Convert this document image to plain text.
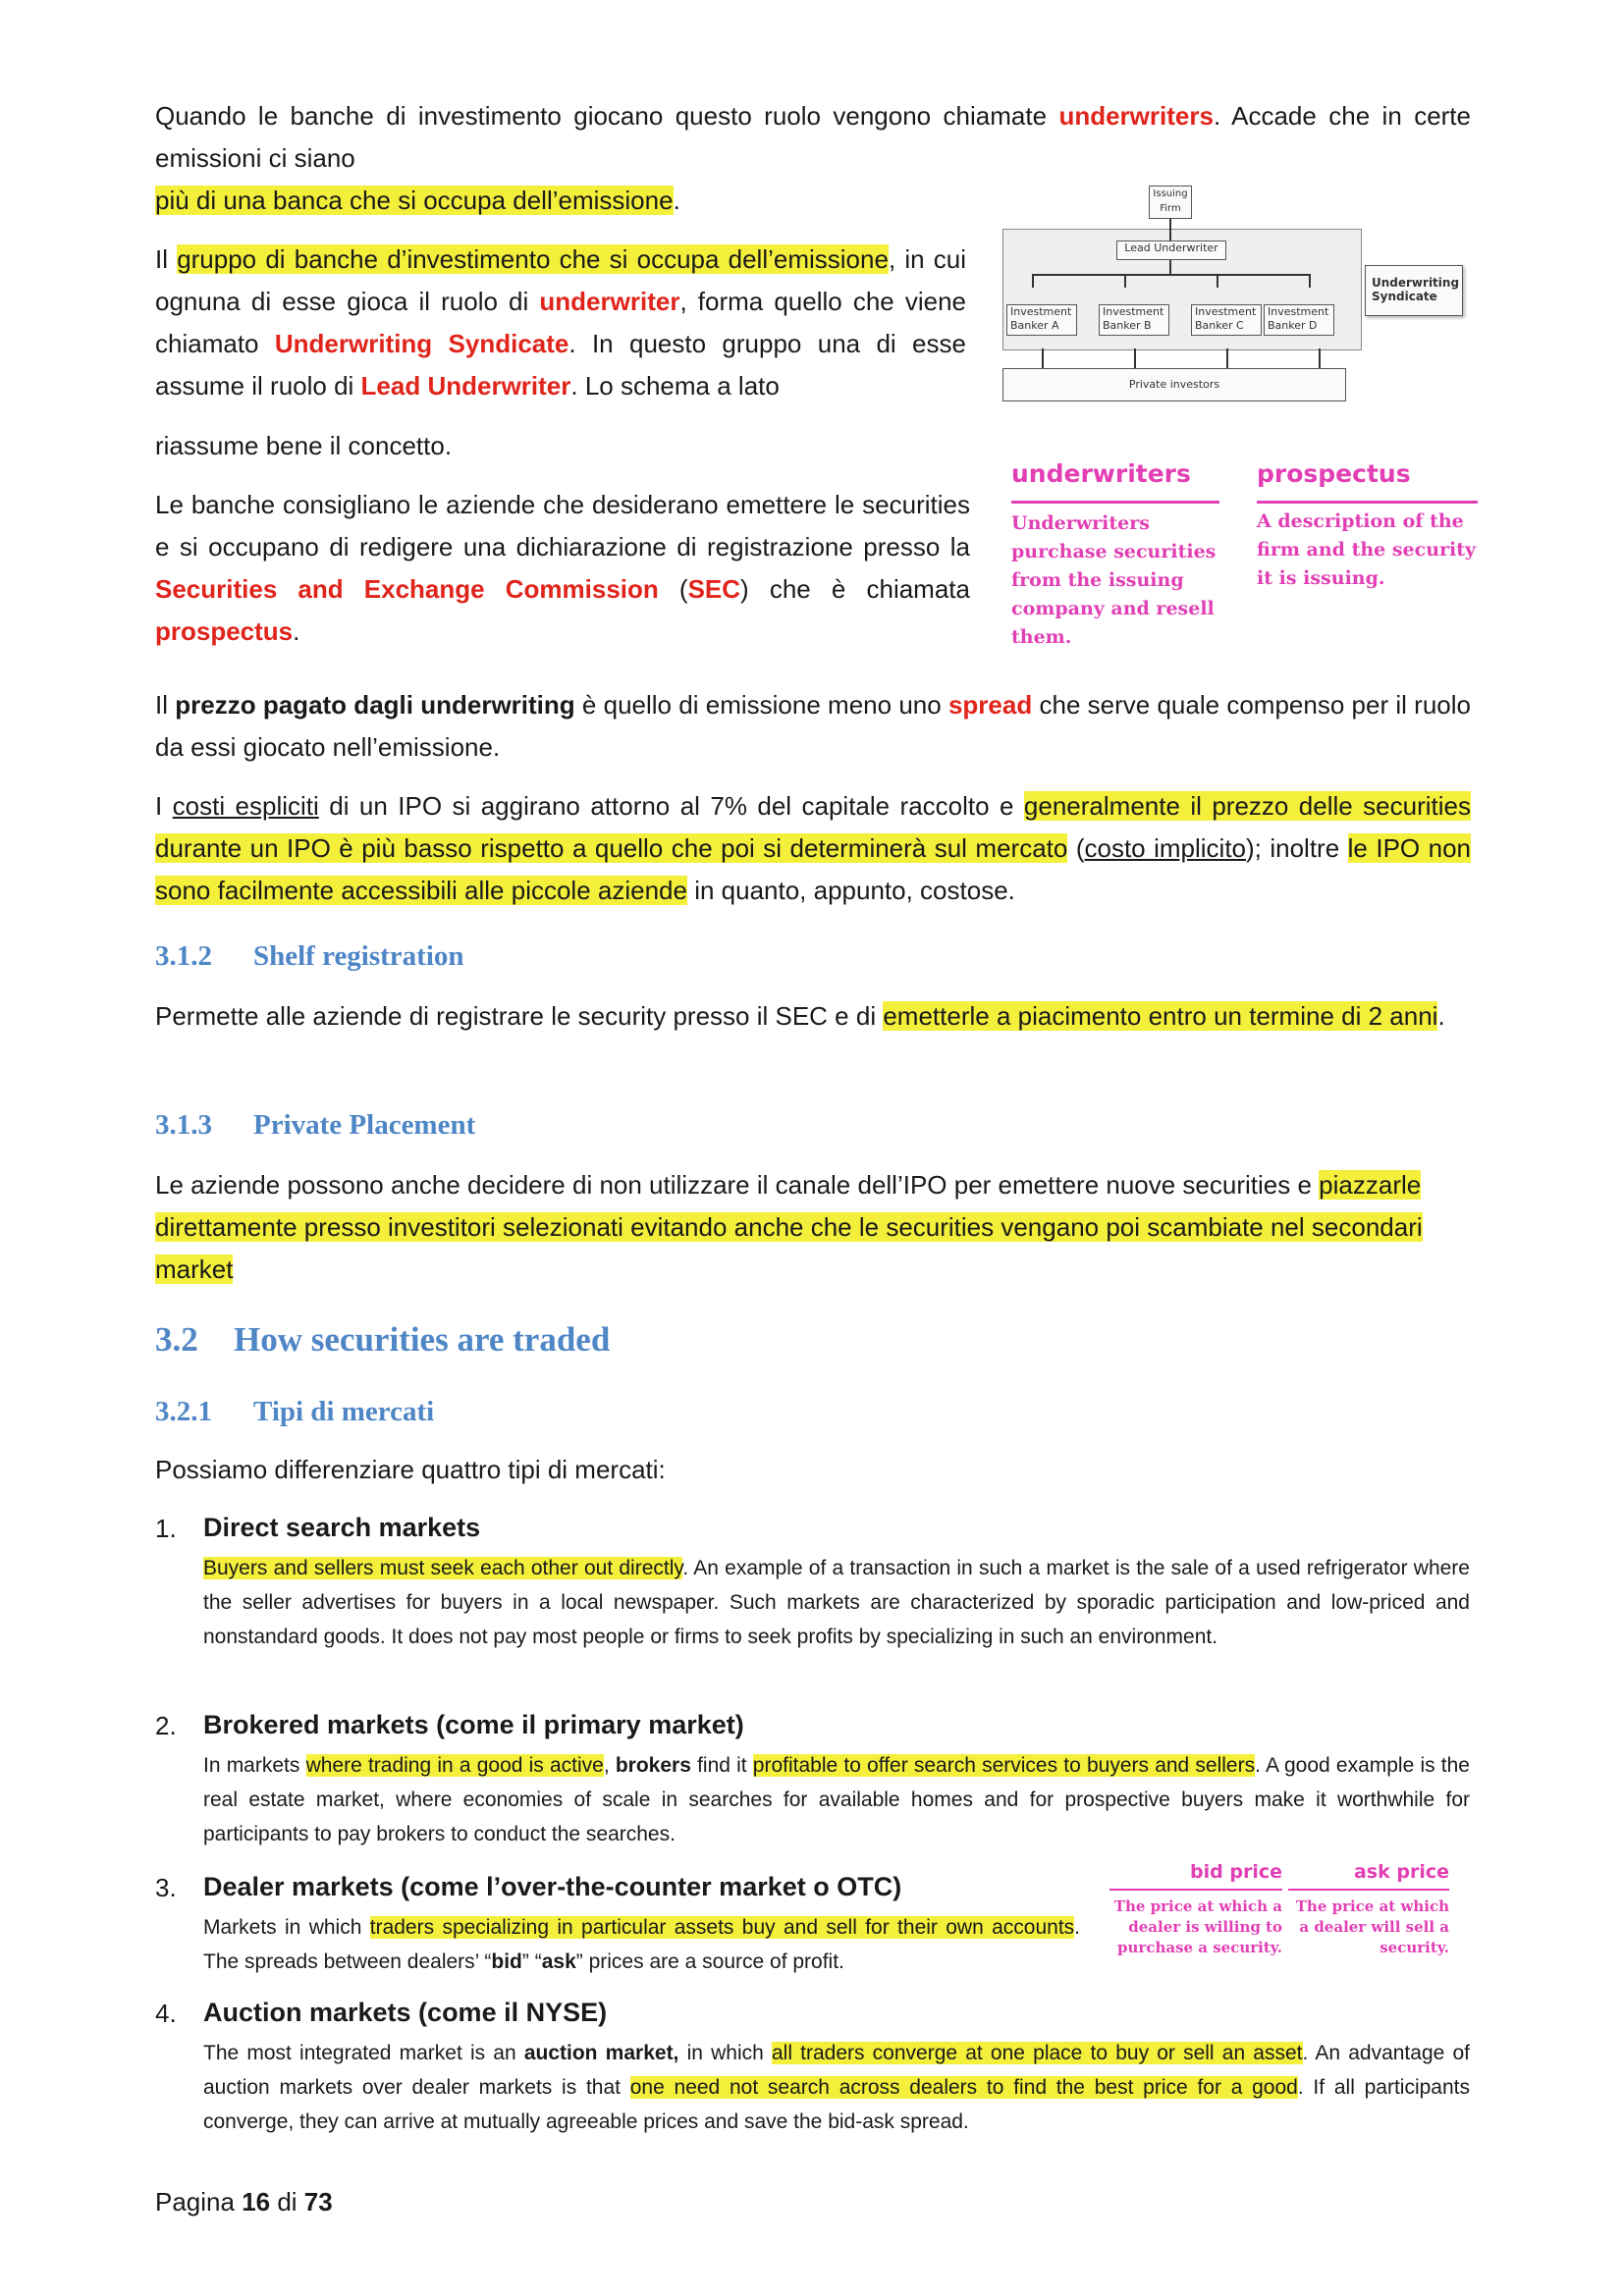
Quando le banche di investimento giocano questo ruolo vengono chiamate underwriters. Accade che in certe emissioni ci siano

più di una banca che si occupa dell’emissione.

Il gruppo di banche d’investimento che si occupa dell’emissione, in cui ognuna di esse gioca il ruolo di underwriter, forma quello che viene chiamato Underwriting Syndicate. In questo gruppo una di esse assume il ruolo di Lead Underwriter. Lo schema a lato

riassume bene il concetto.

Le banche consigliano le aziende che desiderano emettere le securities e si occupano di redigere una dichiarazione di registrazione presso la Securities and Exchange Commission (SEC) che è chiamata prospectus.

Issuing Firm
Lead Underwriter
Investment Banker A
Investment Banker B
Investment Banker C
Investment Banker D
Private investors
Underwriting Syndicate
underwriters

Underwriters purchase securities from the issuing company and resell them.

prospectus

A description of the firm and the security it is issuing.

Il prezzo pagato dagli underwriting è quello di emissione meno uno spread che serve quale compenso per il ruolo da essi giocato nell’emissione.

I costi espliciti di un IPO si aggirano attorno al 7% del capitale raccolto e generalmente il prezzo delle securities durante un IPO è più basso rispetto a quello che poi si determinerà sul mercato (costo implicito); inoltre le IPO non sono facilmente accessibili alle piccole aziende in quanto, appunto, costose.

3.1.2 Shelf registration

Permette alle aziende di registrare le security presso il SEC e di emetterle a piacimento entro un termine di 2 anni.

3.1.3 Private Placement

Le aziende possono anche decidere di non utilizzare il canale dell’IPO per emettere nuove securities e piazzarle direttamente presso investitori selezionati evitando anche che le securities vengano poi scambiate nel secondari market

3.2 How securities are traded
3.2.1 Tipi di mercati

Possiamo differenziare quattro tipi di mercati:

1. Direct search markets

Buyers and sellers must seek each other out directly. An example of a transaction in such a market is the sale of a used refrigerator where the seller advertises for buyers in a local newspaper. Such markets are characterized by sporadic participation and low-priced and nonstandard goods. It does not pay most people or firms to seek profits by specializing in such an environment.

2. Brokered markets (come il primary market)

In markets where trading in a good is active, brokers find it profitable to offer search services to buyers and sellers. A good example is the real estate market, where economies of scale in searches for available homes and for prospective buyers make it worthwhile for participants to pay brokers to conduct the searches.

3. Dealer markets (come l’over-the-counter market o OTC)

Markets in which traders specializing in particular assets buy and sell for their own accounts. The spreads between dealers’ “bid” “ask” prices are a source of profit.

bid price

The price at which a dealer is willing to purchase a security.

ask price

The price at which a dealer will sell a security.

4. Auction markets (come il NYSE)

The most integrated market is an auction market, in which all traders converge at one place to buy or sell an asset. An advantage of auction markets over dealer markets is that one need not search across dealers to find the best price for a good. If all participants converge, they can arrive at mutually agreeable prices and save the bid-ask spread.

Pagina 16 di 73
